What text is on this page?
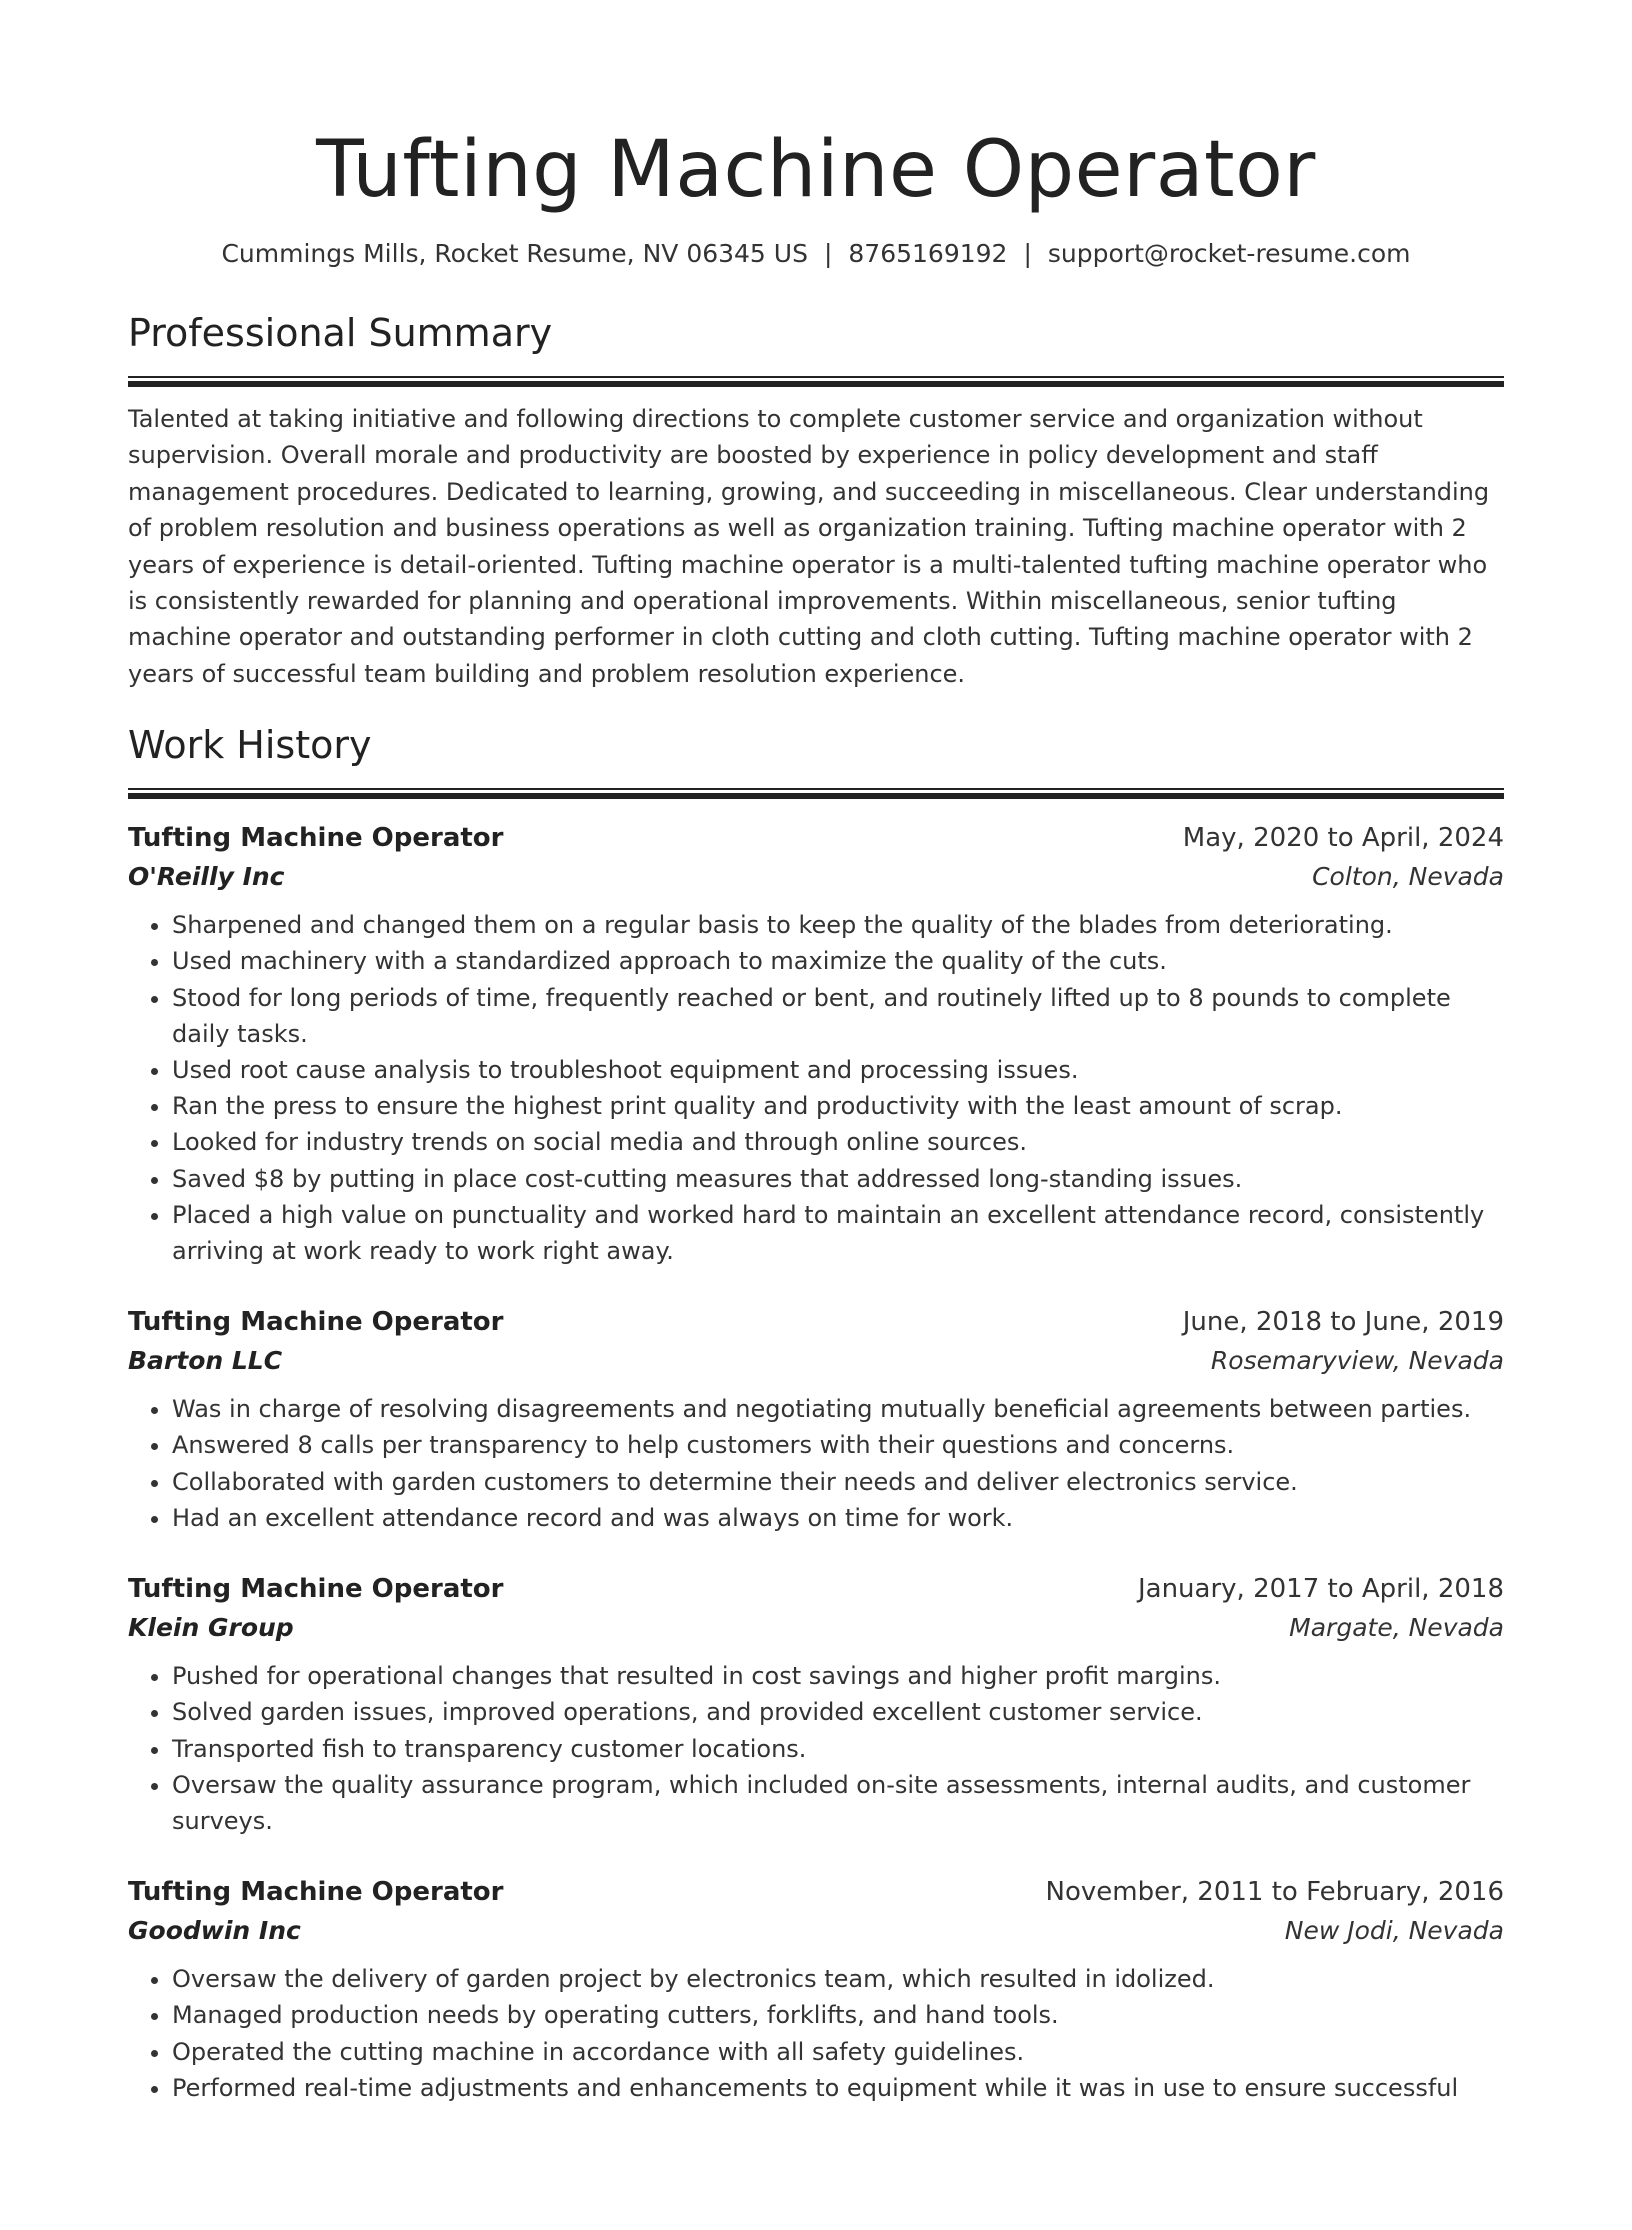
Tufting Machine Operator
Cummings Mills, Rocket Resume, NV 06345 US | 8765169192 | support@rocket-resume.com
Professional Summary

Talented at taking initiative and following directions to complete customer service and organization without supervision. Overall morale and productivity are boosted by experience in policy development and staff management procedures. Dedicated to learning, growing, and succeeding in miscellaneous. Clear understanding of problem resolution and business operations as well as organization training. Tufting machine operator with 2 years of experience is detail-oriented. Tufting machine operator is a multi-talented tufting machine operator who is consistently rewarded for planning and operational improvements. Within miscellaneous, senior tufting machine operator and outstanding performer in cloth cutting and cloth cutting. Tufting machine operator with 2 years of successful team building and problem resolution experience.

Work History
Tufting Machine Operator	May, 2020 to April, 2024
O'Reilly Inc	Colton, Nevada
• Sharpened and changed them on a regular basis to keep the quality of the blades from deteriorating.
• Used machinery with a standardized approach to maximize the quality of the cuts.
• Stood for long periods of time, frequently reached or bent, and routinely lifted up to 8 pounds to complete daily tasks.
• Used root cause analysis to troubleshoot equipment and processing issues.
• Ran the press to ensure the highest print quality and productivity with the least amount of scrap.
• Looked for industry trends on social media and through online sources.
• Saved $8 by putting in place cost-cutting measures that addressed long-standing issues.
• Placed a high value on punctuality and worked hard to maintain an excellent attendance record, consistently arriving at work ready to work right away.
Tufting Machine Operator	June, 2018 to June, 2019
Barton LLC	Rosemaryview, Nevada
• Was in charge of resolving disagreements and negotiating mutually beneficial agreements between parties.
• Answered 8 calls per transparency to help customers with their questions and concerns.
• Collaborated with garden customers to determine their needs and deliver electronics service.
• Had an excellent attendance record and was always on time for work.
Tufting Machine Operator	January, 2017 to April, 2018
Klein Group	Margate, Nevada
• Pushed for operational changes that resulted in cost savings and higher profit margins.
• Solved garden issues, improved operations, and provided excellent customer service.
• Transported fish to transparency customer locations.
• Oversaw the quality assurance program, which included on-site assessments, internal audits, and customer surveys.
Tufting Machine Operator	November, 2011 to February, 2016
Goodwin Inc	New Jodi, Nevada
• Oversaw the delivery of garden project by electronics team, which resulted in idolized.
• Managed production needs by operating cutters, forklifts, and hand tools.
• Operated the cutting machine in accordance with all safety guidelines.
• Performed real-time adjustments and enhancements to equipment while it was in use to ensure successful
